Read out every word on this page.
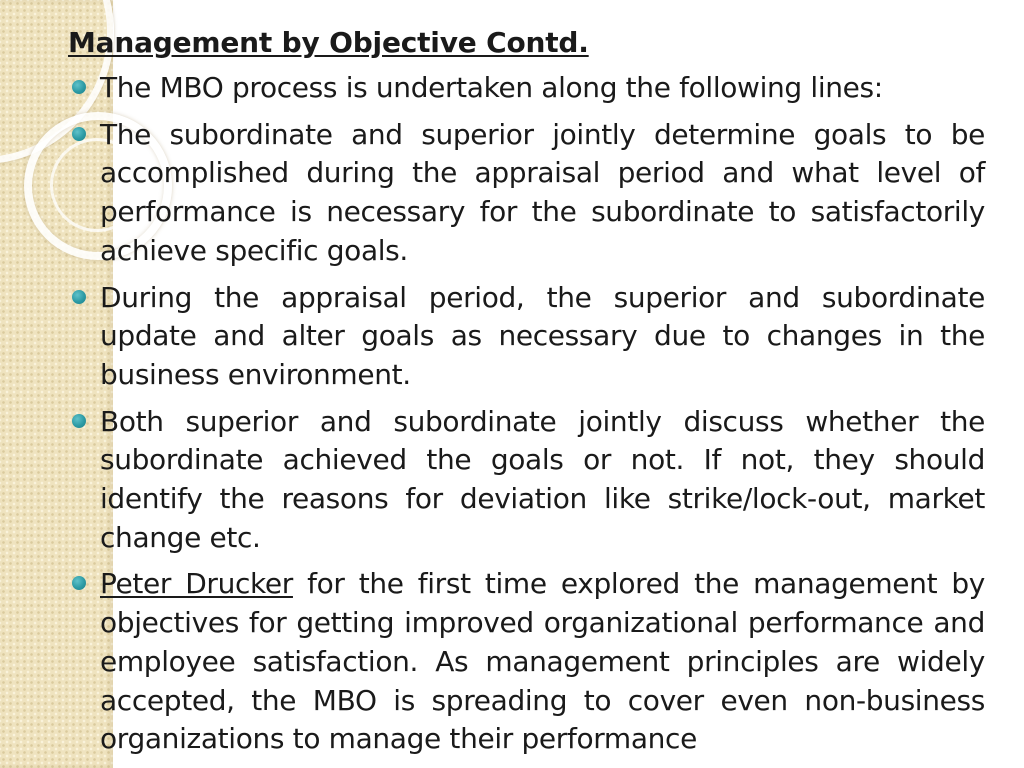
Management by Objective Contd.
The MBO process is undertaken along the following lines:
The subordinate and superior jointly determine goals to be accomplished during the appraisal period and what level of performance is necessary for the subordinate to satisfactorily achieve specific goals.
During the appraisal period, the superior and subordinate update and alter goals as necessary due to changes in the business environment.
Both superior and subordinate jointly discuss whether the subordinate achieved the goals or not. If not, they should identify the reasons for deviation like strike/lock-out, market change etc.
Peter Drucker for the first time explored the management by objectives for getting improved organizational performance and employee satisfaction. As management principles are widely accepted, the MBO is spreading to cover even non-business organizations to manage their performance
